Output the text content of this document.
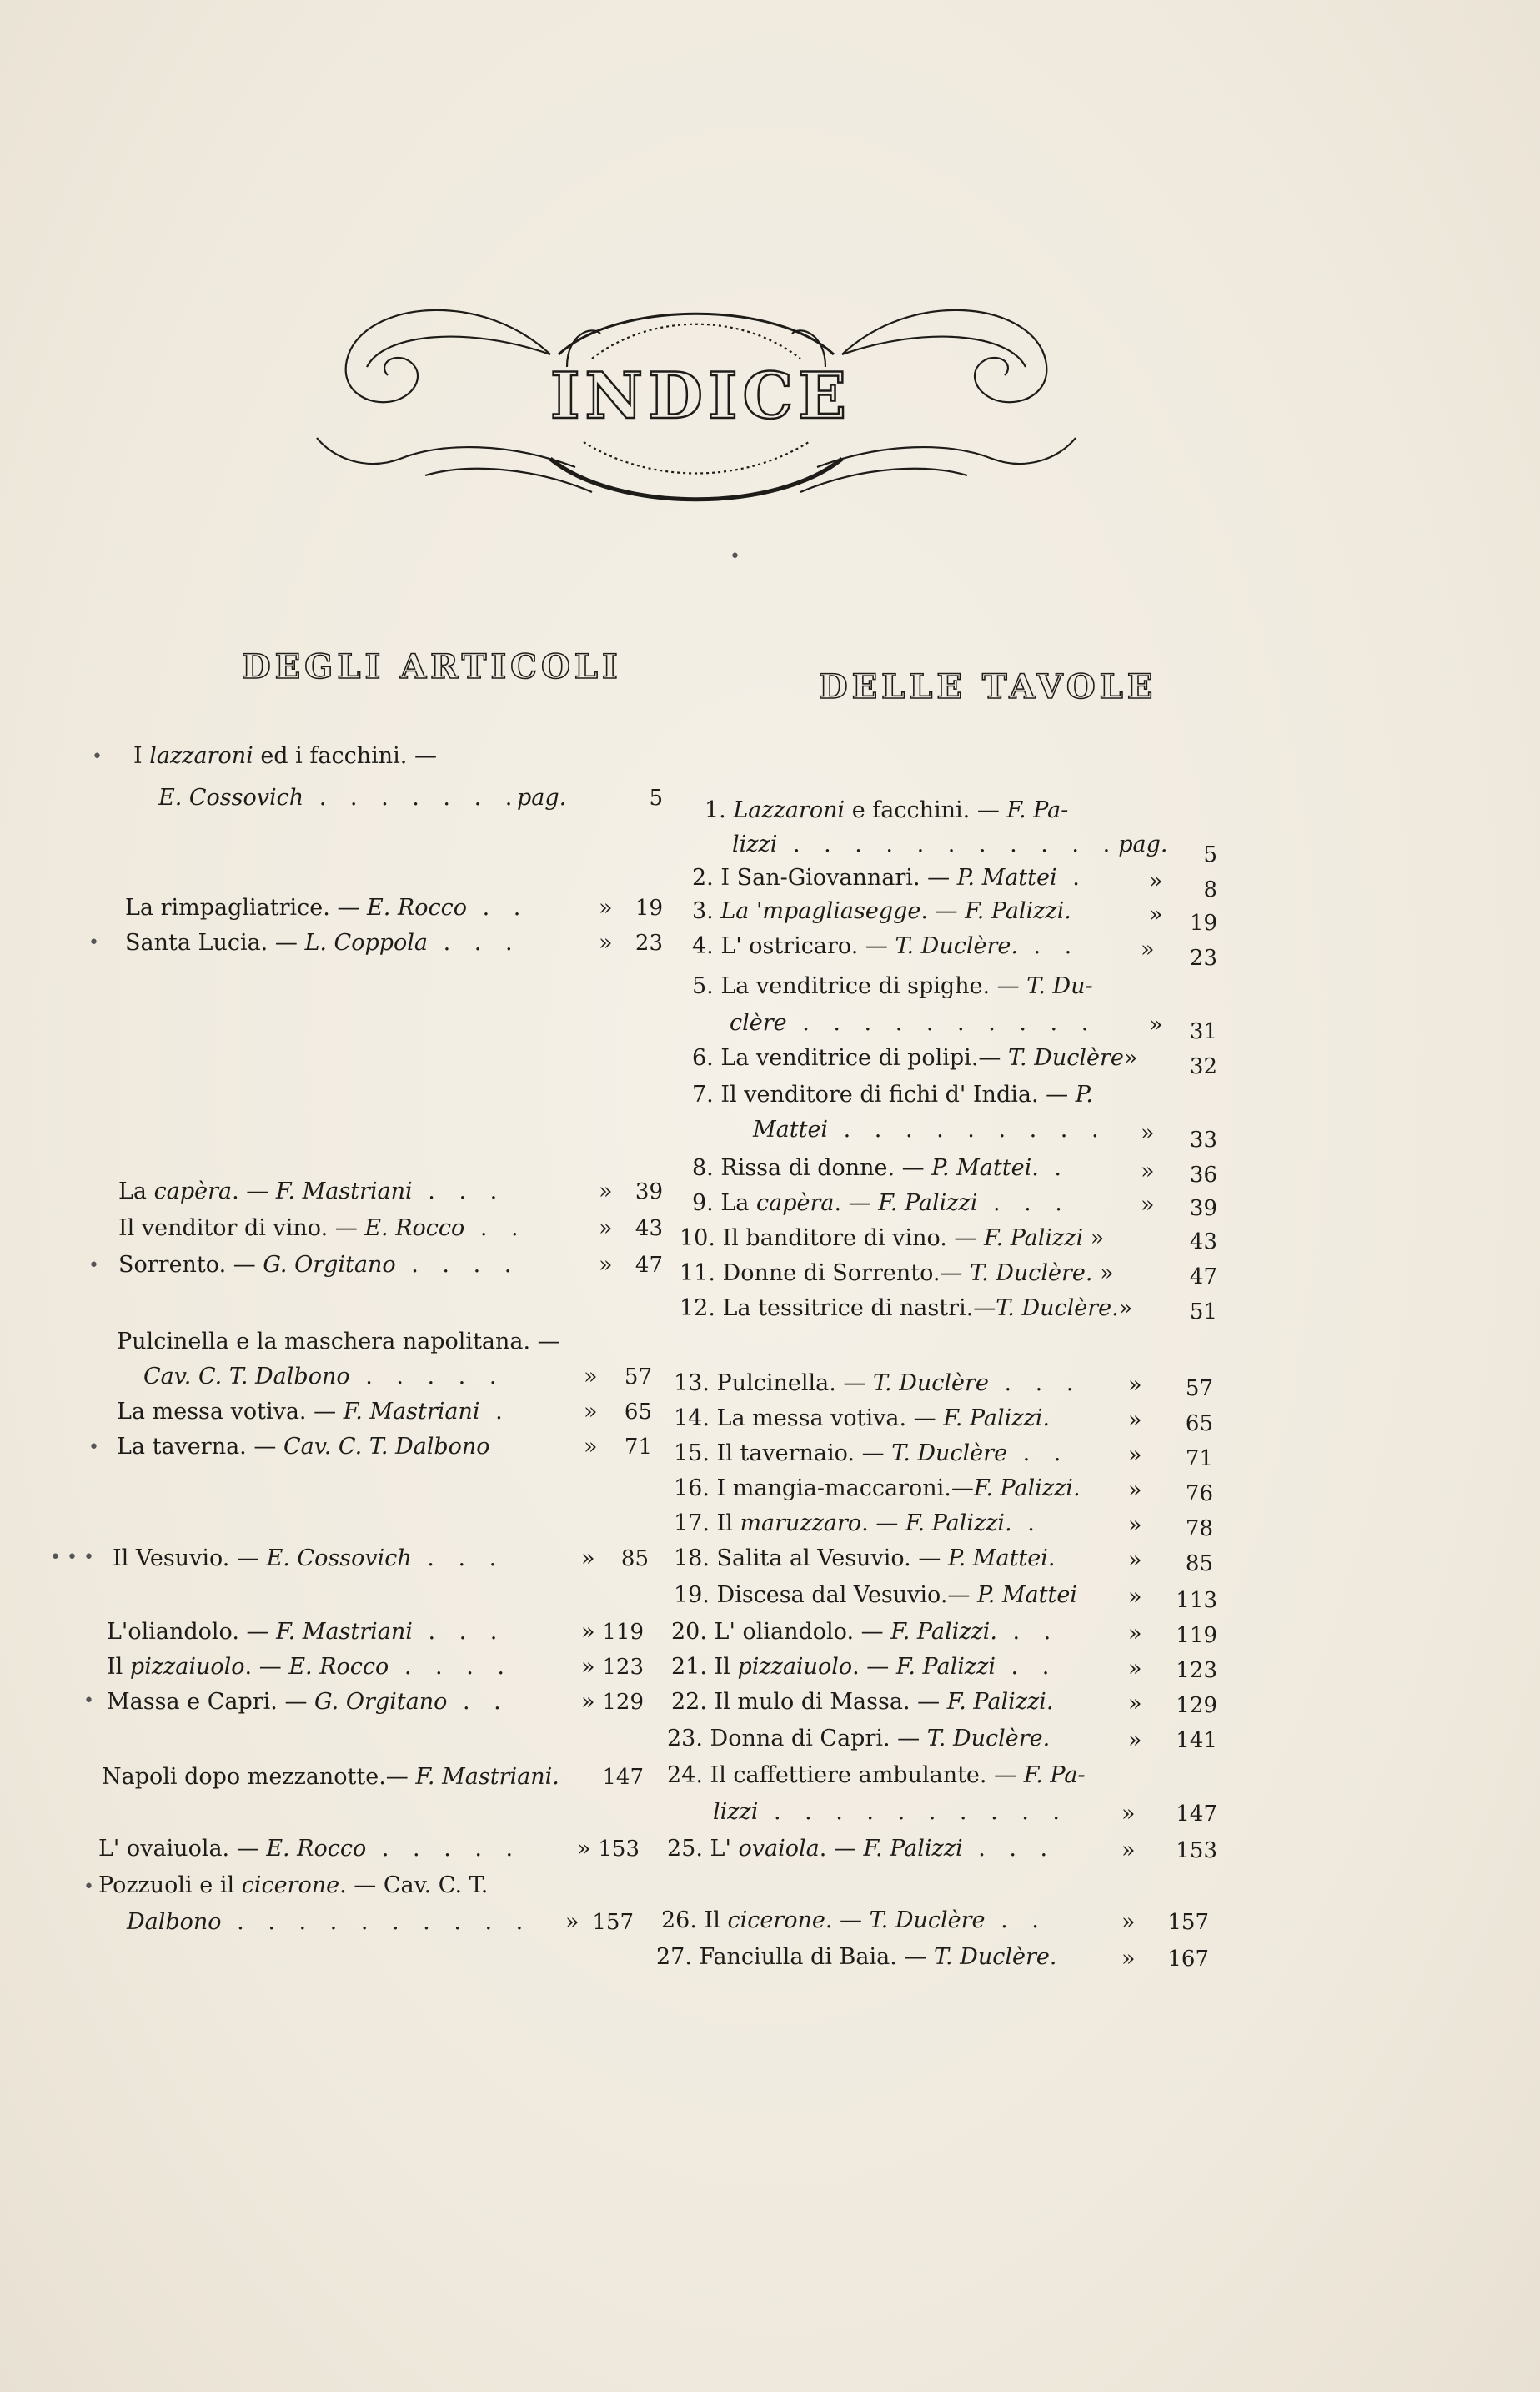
INDICE
•
DEGLI ARTICOLI
DELLE TAVOLE
I lazzaroni ed i facchini. —
E. Cossovich . . . . . . .
pag.	5
La rimpagliatrice. — E. Rocco . .	»	19
Santa Lucia. — L. Coppola . . .	»	23
La capèra. — F. Mastriani . . .	»	39
Il venditor di vino. — E. Rocco . .	»	43
Sorrento. — G. Orgitano . . . .	»	47
Pulcinella e la maschera napolitana. —
Cav. C. T. Dalbono . . . . .	»	57
La messa votiva. — F. Mastriani .	»	65
La taverna. — Cav. C. T. Dalbono	»	71
Il Vesuvio. — E. Cossovich . . .	»	85
L'oliandolo. — F. Mastriani . . .	» 119
Il pizzaiuolo. — E. Rocco . . . .	» 123
Massa e Capri. — G. Orgitano . .	» 129
Napoli dopo mezzanotte.— F. Mastriani.	147
L' ovaiuola. — E. Rocco . . . . . » 153
Pozzuoli e il cicerone. — Cav. C. T.
Dalbono . . . . . . . . . . » 157
•
•
•
•
• • •
•
•
1. Lazzaroni e facchini. — F. Pa-
lizzi . . . . . . . . . . .pag.	5
2. I San-Giovannari. — P. Mattei .	»	8
3. La 'mpagliasegge. — F. Palizzi.	»	19
4. L' ostricaro. — T. Duclère. . .	»	23
5. La venditrice di spighe. — T. Du-
clère . . . . . . . . . . »	31
6. La venditrice di polipi.— T. Duclère»	32
7. Il venditore di fichi d' India. — P.
Mattei . . . . . . . . . »	33
8. Rissa di donne. — P. Mattei. .	»	36
9. La capèra. — F. Palizzi . . .	»	39
10. Il banditore di vino. — F. Palizzi »	43
11. Donne di Sorrento.— T. Duclère. »	47
12. La tessitrice di nastri.—T. Duclère.»	51
13. Pulcinella. — T. Duclère . . . »	57
14. La messa votiva. — F. Palizzi.	»	65
15. Il tavernaio. — T. Duclère . .	»	71
16. I mangia-maccaroni.—F. Palizzi. »	76
17. Il maruzzaro. — F. Palizzi. .	»	78
18. Salita al Vesuvio. — P. Mattei.	»	85
19. Discesa dal Vesuvio.— P. Mattei »	113
20. L' oliandolo. — F. Palizzi. . .	»	119
21. Il pizzaiuolo. — F. Palizzi . .	»	123
22. Il mulo di Massa. — F. Palizzi.	»	129
23. Donna di Capri. — T. Duclère.	»	141
24. Il caffettiere ambulante. — F. Pa-
lizzi . . . . . . . . . . »	147
25. L' ovaiola. — F. Palizzi . . .	»	153
26. Il cicerone. — T. Duclère . .	»	157
27. Fanciulla di Baia. — T. Duclère.	»	167
